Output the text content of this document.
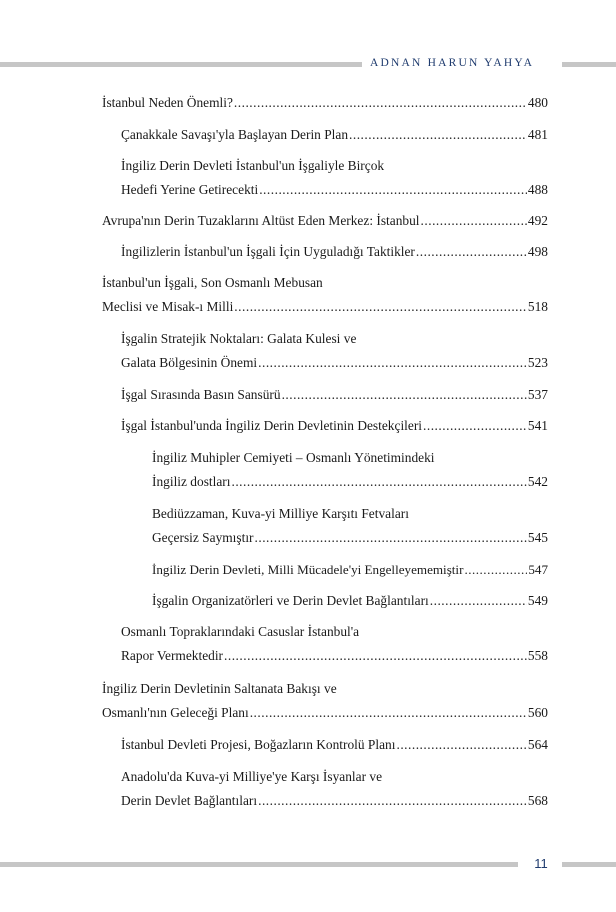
ADNAN HARUN YAHYA
İstanbul Neden Önemli? .....	480
Çanakkale Savaşı'yla Başlayan Derin Plan .....	481
İngiliz Derin Devleti İstanbul'un İşgaliyle Birçok
Hedefi Yerine Getirecekti .....	488
Avrupa'nın Derin Tuzaklarını Altüst Eden Merkez: İstanbul .....	492
İngilizlerin İstanbul'un İşgali İçin Uyguladığı Taktikler .....	498
İstanbul'un İşgali, Son Osmanlı Mebusan
Meclisi ve Misak-ı Milli .....	518
İşgalin Stratejik Noktaları: Galata Kulesi ve
Galata Bölgesinin Önemi .....	523
İşgal Sırasında Basın Sansürü .....	537
İşgal İstanbul'unda İngiliz Derin Devletinin Destekçileri .....	541
İngiliz Muhipler Cemiyeti – Osmanlı Yönetimindeki
İngiliz dostları .....	542
Bediüzzaman, Kuva-yi Milliye Karşıtı Fetvaları
Geçersiz Saymıştır .....	545
İngiliz Derin Devleti, Milli Mücadele'yi Engelleyememiştir .....	547
İşgalin Organizatörleri ve Derin Devlet Bağlantıları .....	549
Osmanlı Topraklarındaki Casuslar İstanbul'a
Rapor Vermektedir .....	558
İngiliz Derin Devletinin Saltanata Bakışı ve
Osmanlı'nın Geleceği Planı .....	560
İstanbul Devleti Projesi, Boğazların Kontrolü Planı .....	564
Anadolu'da Kuva-yi Milliye'ye Karşı İsyanlar ve
Derin Devlet Bağlantıları .....	568
11
